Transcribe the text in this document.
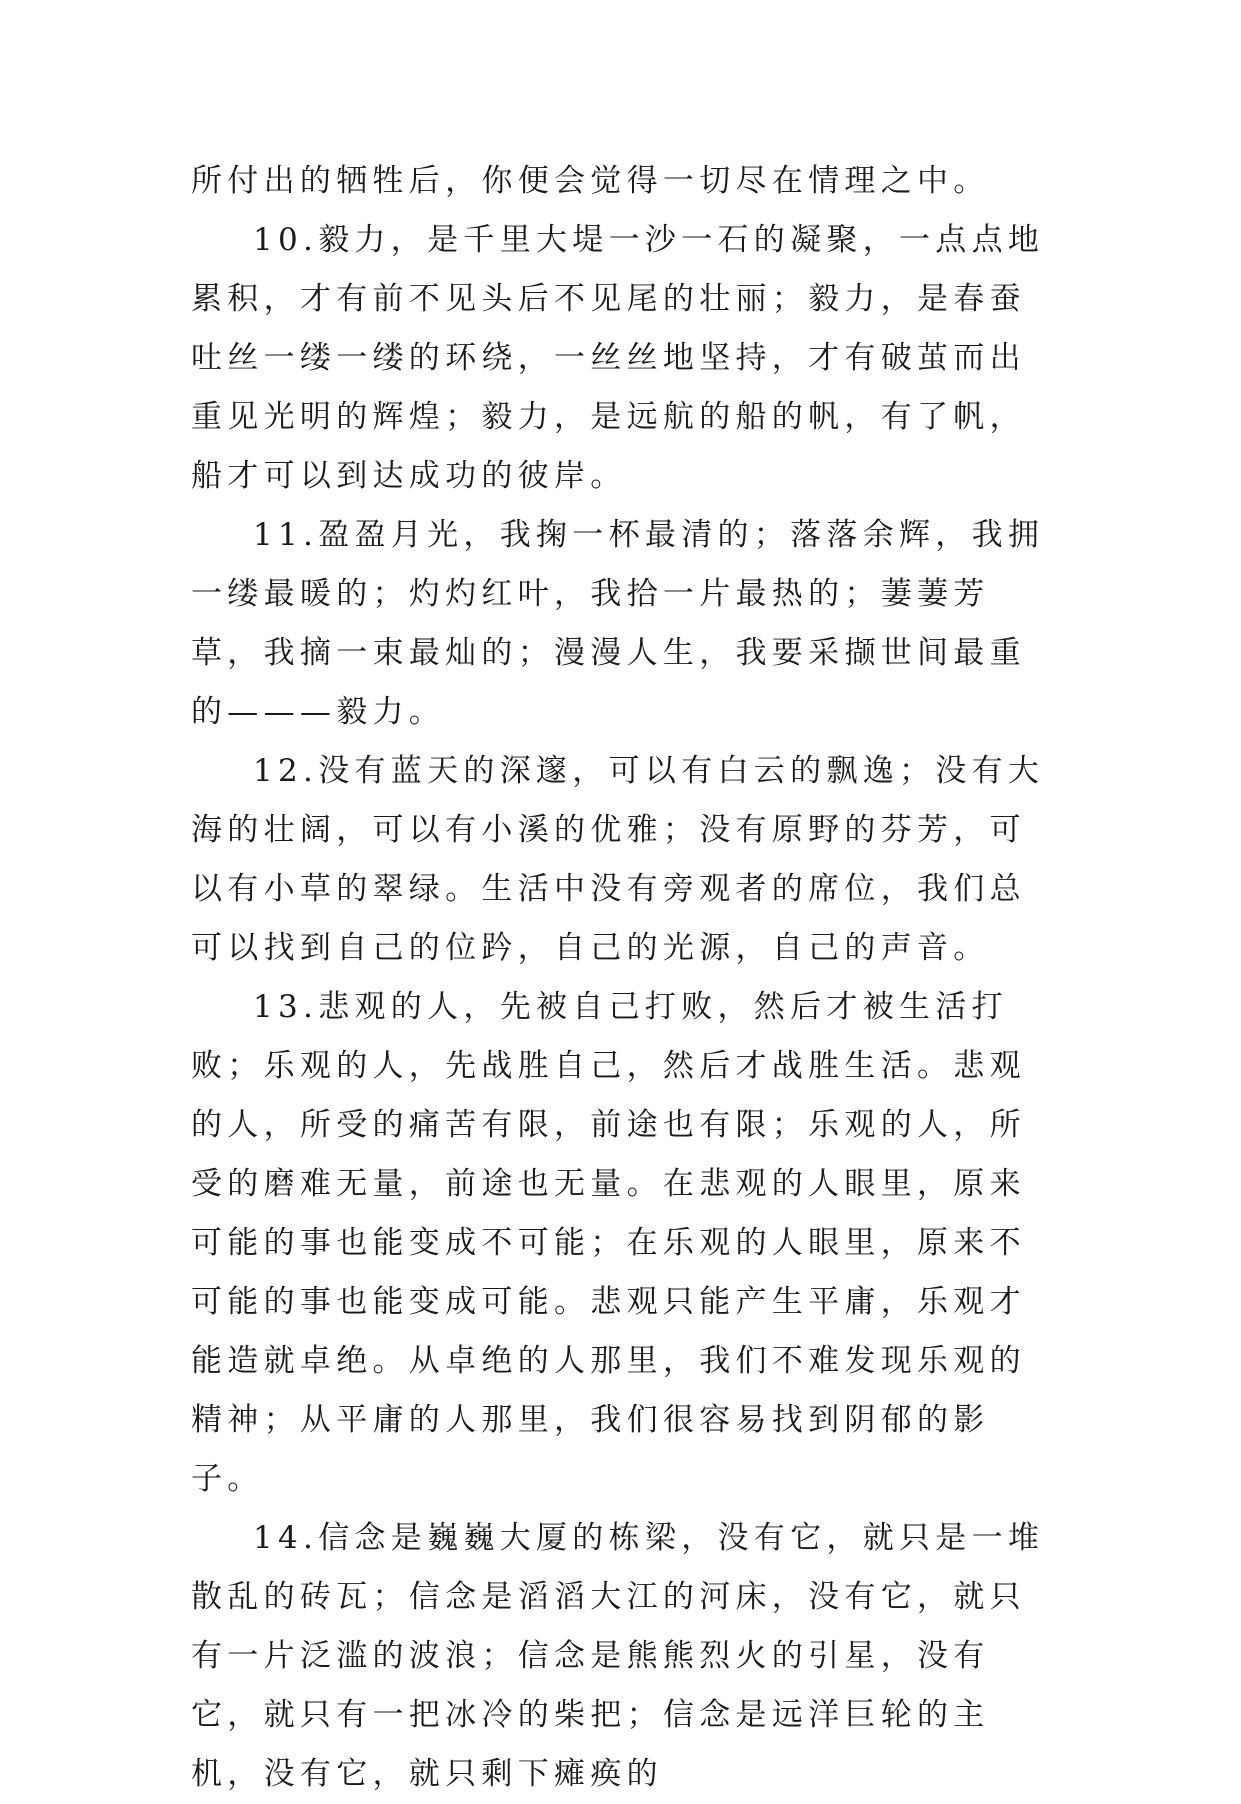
所付出的牺牲后，你便会觉得一切尽在情理之中。

10.毅力，是千里大堤一沙一石的凝聚，一点点地累积，才有前不见头后不见尾的壮丽；毅力，是春蚕吐丝一缕一缕的环绕，一丝丝地坚持，才有破茧而出重见光明的辉煌；毅力，是远航的船的帆，有了帆，船才可以到达成功的彼岸。

11.盈盈月光，我掬一杯最清的；落落余辉，我拥一缕最暖的；灼灼红叶，我拾一片最热的；萋萋芳草，我摘一束最灿的；漫漫人生，我要采撷世间最重的———毅力。

12.没有蓝天的深邃，可以有白云的飘逸；没有大海的壮阔，可以有小溪的优雅；没有原野的芬芳，可以有小草的翠绿。生活中没有旁观者的席位，我们总可以找到自己的位趻，自己的光源，自己的声音。

13.悲观的人，先被自己打败，然后才被生活打败；乐观的人，先战胜自己，然后才战胜生活。悲观的人，所受的痛苦有限，前途也有限；乐观的人，所受的磨难无量，前途也无量。在悲观的人眼里，原来可能的事也能变成不可能；在乐观的人眼里，原来不可能的事也能变成可能。悲观只能产生平庸，乐观才能造就卓绝。从卓绝的人那里，我们不难发现乐观的精神；从平庸的人那里，我们很容易找到阴郁的影子。

14.信念是巍巍大厦的栋梁，没有它，就只是一堆散乱的砖瓦；信念是滔滔大江的河床，没有它，就只有一片泛滥的波浪；信念是熊熊烈火的引星，没有它，就只有一把冰冷的柴把；信念是远洋巨轮的主机，没有它，就只剩下瘫痪的
